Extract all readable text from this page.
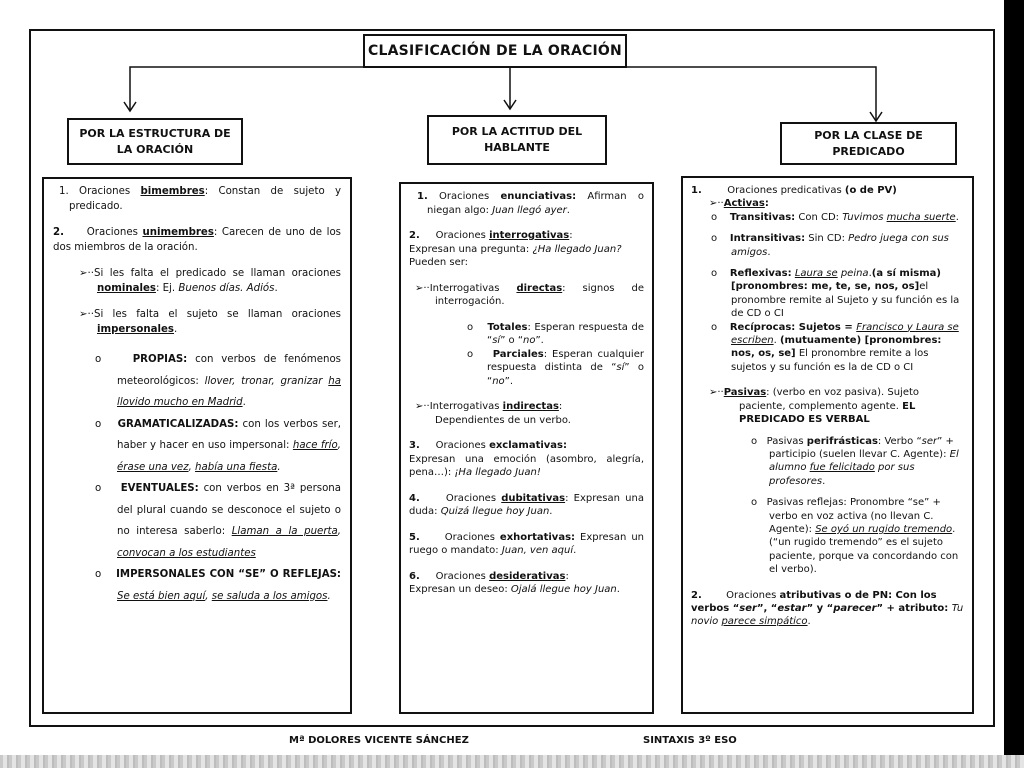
CLASIFICACIÓN DE LA ORACIÓN
POR LA ESTRUCTURA DE LA ORACIÓN
POR LA ACTITUD DEL HABLANTE
POR LA CLASE DE PREDICADO

1. Oraciones bimembres: Constan de sujeto y predicado.

2. Oraciones unimembres: Carecen de uno de los dos miembros de la oración.

➢··Si les falta el predicado se llaman oraciones nominales: Ej. Buenos días. Adiós.

➢··Si les falta el sujeto se llaman oraciones impersonales.

o    PROPIAS: con verbos de fenómenos meteorológicos: llover, tronar, granizar ha llovido mucho en Madrid.

o    GRAMATICALIZADAS: con los verbos ser, haber y hacer en uso impersonal: hace frío, érase una vez, había una fiesta.

o    EVENTUALES: con verbos en 3ª persona del plural cuando se desconoce el sujeto o no interesa saberlo: Llaman a la puerta, convocan a los estudiantes

o    IMPERSONALES CON “SE” O REFLEJAS: Se está bien aquí, se saluda a los amigos.

1. Oraciones enunciativas: Afirman o niegan algo: Juan llegó ayer.

2. Oraciones interrogativas:
Expresan una pregunta: ¿Ha llegado Juan? Pueden ser:

➢··Interrogativas directas: signos de interrogación.

o    Totales: Esperan respuesta de “sí” o “no”.

o    Parciales: Esperan cualquier respuesta distinta de “sí” o “no”.

➢··Interrogativas indirectas:
Dependientes de un verbo.

3. Oraciones exclamativas:
Expresan una emoción (asombro, alegría, pena…): ¡Ha llegado Juan!

4.	Oraciones dubitativas: Expresan una duda: Quizá llegue hoy Juan.

5. Oraciones exhortativas: Expresan un ruego o mandato: Juan, ven aquí.

6. Oraciones desiderativas:
Expresan un deseo: Ojalá llegue hoy Juan.

1.	Oraciones predicativas (o de PV)

➢··Activas:

o    Transitivas: Con CD: Tuvimos mucha suerte.

o    Intransitivas: Sin CD: Pedro juega con sus amigos.

o    Reflexivas: Laura se peina.(a sí misma) [pronombres: me, te, se, nos, os]el pronombre remite al Sujeto y su función es la de CD o CI

o    Recíprocas: Sujetos = Francisco y Laura se escriben. (mutuamente) [pronombres: nos, os, se] El pronombre remite a los sujetos y su función es la de CD o CI

➢··Pasivas: (verbo en voz pasiva). Sujeto paciente, complemento agente. EL PREDICADO ES VERBAL

o   Pasivas perifrásticas: Verbo “ser” + participio (suelen llevar C. Agente): El alumno fue felicitado por sus profesores.

o   Pasivas reflejas: Pronombre “se” + verbo en voz activa (no llevan C. Agente): Se oyó un rugido tremendo.(“un rugido tremendo” es el sujeto paciente, porque va concordando con el verbo).

2. Oraciones atributivas o de PN: Con los verbos “ser”, “estar” y “parecer” + atributo: Tu novio parece simpático.

Mª DOLORES VICENTE SÁNCHEZ	SINTAXIS 3º ESO
